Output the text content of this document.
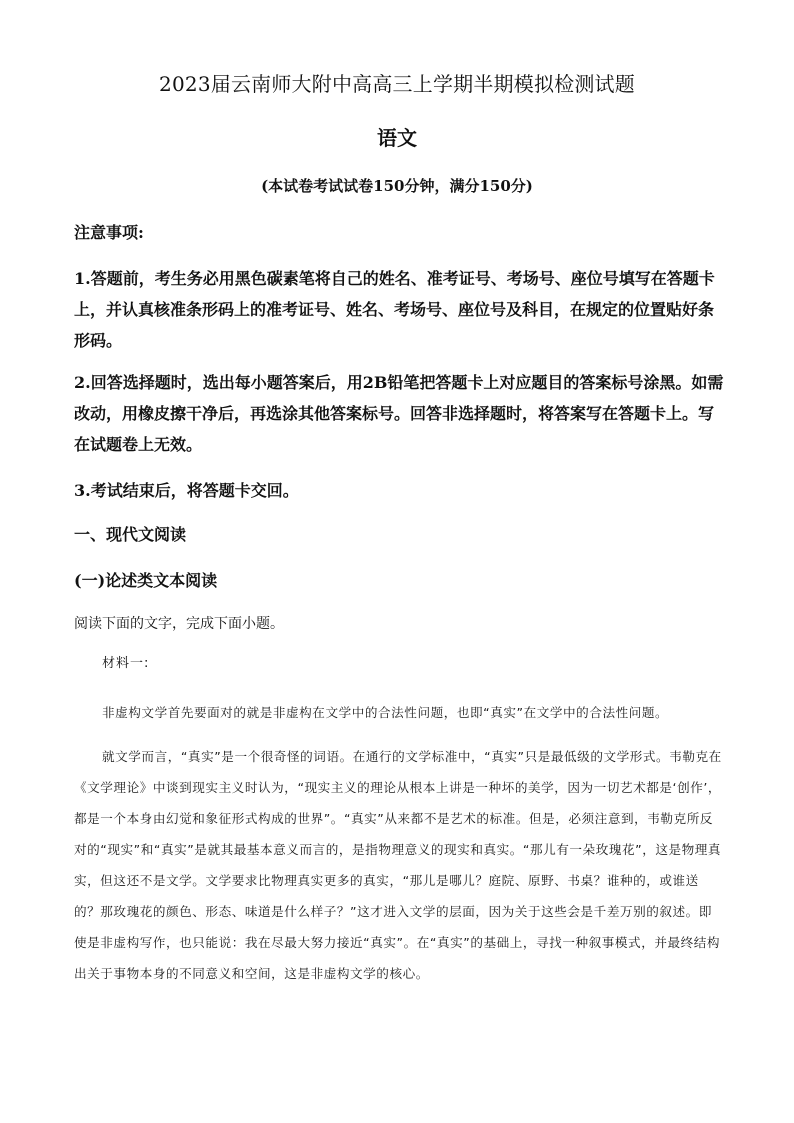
2023届云南师大附中高高三上学期半期模拟检测试题
语文
(本试卷考试试卷150分钟，满分150分)
注意事项:

1.答题前，考生务必用黑色碳素笔将自己的姓名、准考证号、考场号、座位号填写在答题卡上，并认真核准条形码上的准考证号、姓名、考场号、座位号及科目，在规定的位置贴好条形码。

2.回答选择题时，选出每小题答案后，用2B铅笔把答题卡上对应题目的答案标号涂黑。如需改动，用橡皮擦干净后，再选涂其他答案标号。回答非选择题时，将答案写在答题卡上。写在试题卷上无效。

3.考试结束后，将答题卡交回。

一、现代文阅读
(一)论述类文本阅读
阅读下面的文字，完成下面小题。
材料一:

非虚构文学首先要面对的就是非虚构在文学中的合法性问题，也即“真实”在文学中的合法性问题。

就文学而言，“真实”是一个很奇怪的词语。在通行的文学标准中，“真实”只是最低级的文学形式。韦勒克在《文学理论》中谈到现实主义时认为，“现实主义的理论从根本上讲是一种坏的美学，因为一切艺术都是‘创作’，都是一个本身由幻觉和象征形式构成的世界”。“真实”从来都不是艺术的标准。但是，必须注意到，韦勒克所反对的“现实”和“真实”是就其最基本意义而言的，是指物理意义的现实和真实。“那儿有一朵玫瑰花”，这是物理真实，但这还不是文学。文学要求比物理真实更多的真实，“那儿是哪儿？庭院、原野、书桌？谁种的，或谁送的？那玫瑰花的颜色、形态、味道是什么样子？”这才进入文学的层面，因为关于这些会是千差万别的叙述。即使是非虚构写作，也只能说：我在尽最大努力接近“真实”。在“真实”的基础上，寻找一种叙事模式，并最终结构出关于事物本身的不同意义和空间，这是非虚构文学的核心。
